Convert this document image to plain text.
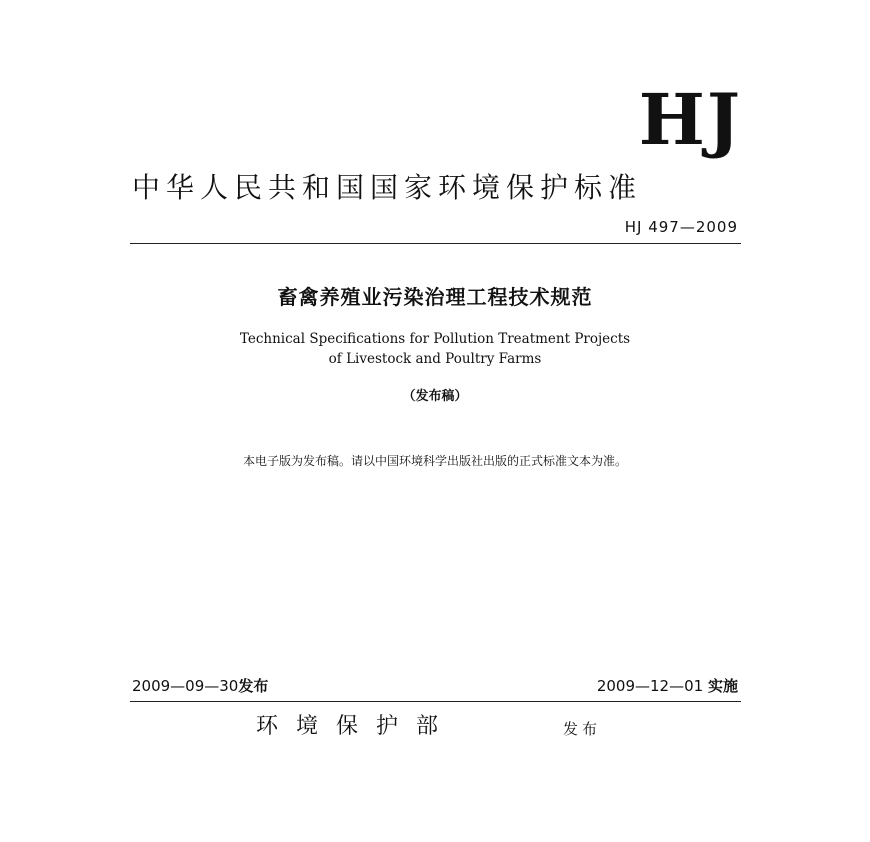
HJ
中华人民共和国国家环境保护标准
HJ 497—2009
畜禽养殖业污染治理工程技术规范
Technical Specifications for Pollution Treatment Projects
of Livestock and Poultry Farms
（发布稿）
本电子版为发布稿。请以中国环境科学出版社出版的正式标准文本为准。
2009—09—30发布	2009—12—01 实施
环境保护部	发布
